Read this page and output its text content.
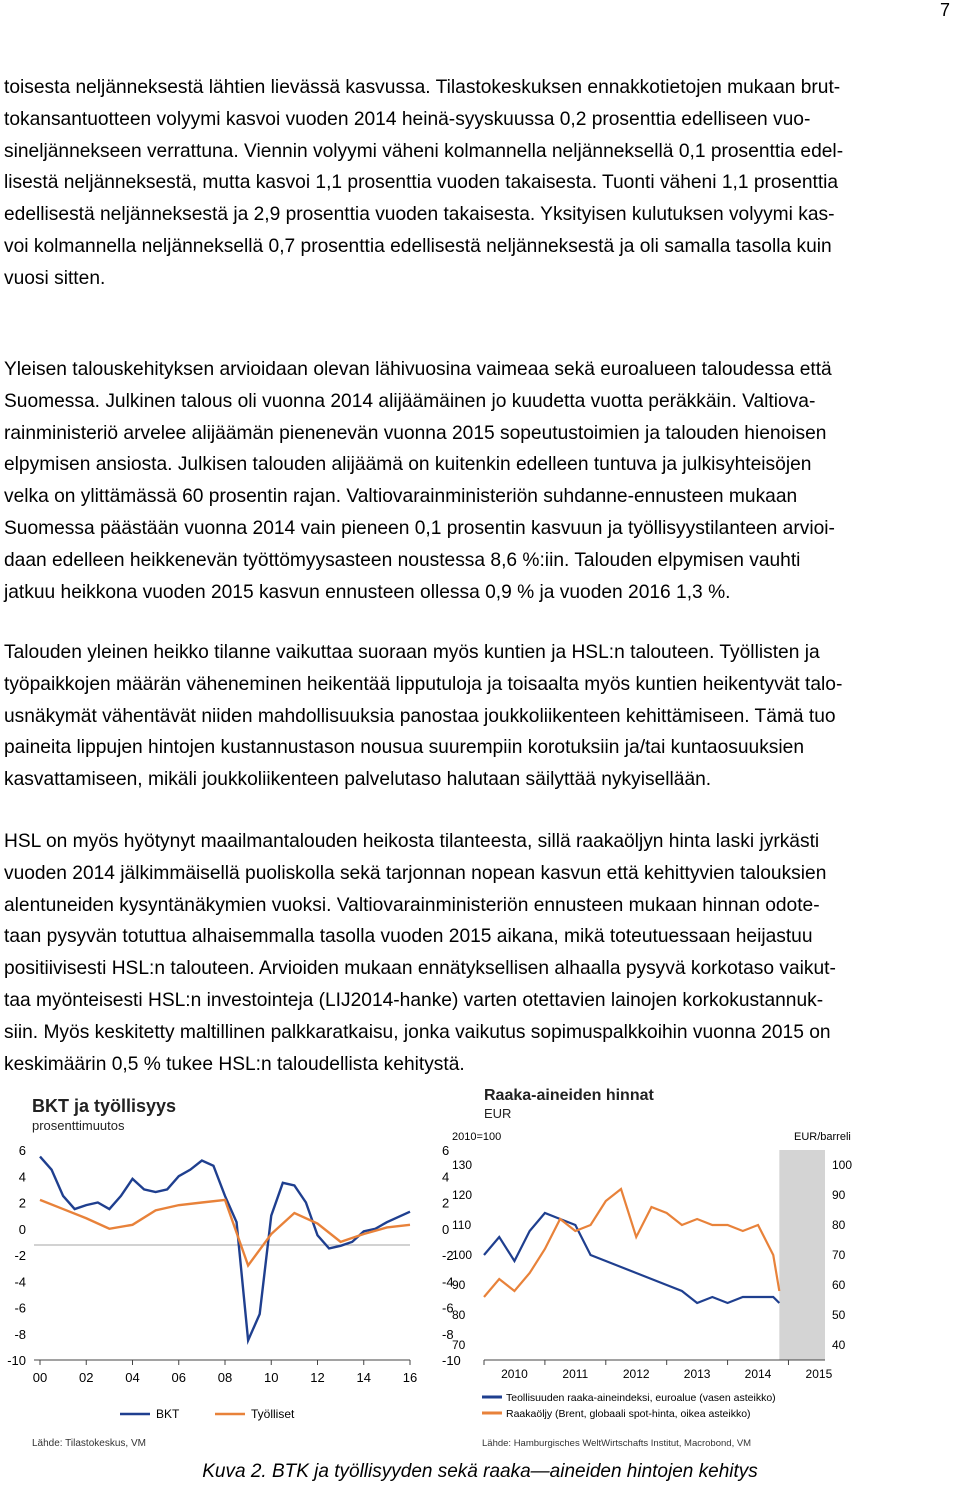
7
toisesta neljänneksestä lähtien lievässä kasvussa. Tilastokeskuksen ennakkotietojen mukaan brut-
tokansantuotteen volyymi kasvoi vuoden 2014 heinä-syyskuussa 0,2 prosenttia edelliseen vuo-
sineljännekseen verrattuna. Viennin volyymi väheni kolmannella neljänneksellä 0,1 prosenttia edel-
lisestä neljänneksestä, mutta kasvoi 1,1 prosenttia vuoden takaisesta. Tuonti väheni 1,1 prosenttia
edellisestä neljänneksestä ja 2,9 prosenttia vuoden takaisesta. Yksityisen kulutuksen volyymi kas-
voi kolmannella neljänneksellä 0,7 prosenttia edellisestä neljänneksestä ja oli samalla tasolla kuin
vuosi sitten.
Yleisen talouskehityksen arvioidaan olevan lähivuosina vaimeaa sekä euroalueen taloudessa että
Suomessa. Julkinen talous oli vuonna 2014 alijäämäinen jo kuudetta vuotta peräkkäin. Valtiova-
rainministeriö arvelee alijäämän pienenevän vuonna 2015 sopeutustoimien ja talouden hienoisen
elpymisen ansiosta. Julkisen talouden alijäämä on kuitenkin edelleen tuntuva ja julkisyhteisöjen
velka on ylittämässä 60 prosentin rajan. Valtiovarainministeriön suhdanne-ennusteen mukaan
Suomessa päästään vuonna 2014 vain pieneen 0,1 prosentin kasvuun ja työllisyystilanteen arvioi-
daan edelleen heikkenevän työttömyysasteen noustessa 8,6 %:iin. Talouden elpymisen vauhti
jatkuu heikkona vuoden 2015 kasvun ennusteen ollessa 0,9 % ja vuoden 2016 1,3 %.
Talouden yleinen heikko tilanne vaikuttaa suoraan myös kuntien ja HSL:n talouteen. Työllisten ja
työpaikkojen määrän väheneminen heikentää lipputuloja ja toisaalta myös kuntien heikentyvät talo-
usnäkymät vähentävät niiden mahdollisuuksia panostaa joukkoliikenteen kehittämiseen. Tämä tuo
paineita lippujen hintojen kustannustason nousua suurempiin korotuksiin ja/tai kuntaosuuksien
kasvattamiseen, mikäli joukkoliikenteen palvelutaso halutaan säilyttää nykyisellään.
HSL on myös hyötynyt maailmantalouden heikosta tilanteesta, sillä raakaöljyn hinta laski jyrkästi
vuoden 2014 jälkimmäisellä puoliskolla sekä tarjonnan nopean kasvun että kehittyvien talouksien
alentuneiden kysyntänäkymien vuoksi. Valtiovarainministeriön ennusteen mukaan hinnan odote-
taan pysyvän totuttua alhaisemmalla tasolla vuoden 2015 aikana, mikä toteutuessaan heijastuu
positiivisesti HSL:n talouteen. Arvioiden mukaan ennätyksellisen alhaalla pysyvä korkotaso vaikut-
taa myönteisesti HSL:n investointeja (LIJ2014-hanke) varten otettavien lainojen korkokustannuk-
siin. Myös keskitetty maltillinen palkkaratkaisu, jonka vaikutus sopimuspalkkoihin vuonna 2015 on
keskimäärin 0,5 % tukee HSL:n taloudellista kehitystä.
BKT ja työllisyys
prosenttimuutos
6
4
2
0
-2
-4
-6
-8
-10
00 02 04 06 08 10 12 14 16
BKT	Työlliset
Lähde: Tilastokeskus, VM
Raaka-aineiden hinnat
EUR
2010=100	EUR/barreli
6
4
2
0
-2
-4
-6
-8
-10
130
120
110
100
90
80
70
100
90
80
70
60
50
40
2010	2011	2012	2013	2014	2015
Teollisuuden raaka-aineindeksi, euroalue (vasen asteikko)
Raakaöljy (Brent, globaali spot-hinta, oikea asteikko)
Lähde: Hamburgisches WeltWirtschafts Institut, Macrobond, VM
Kuva 2. BTK ja työllisyyden sekä raaka—aineiden hintojen kehitys
